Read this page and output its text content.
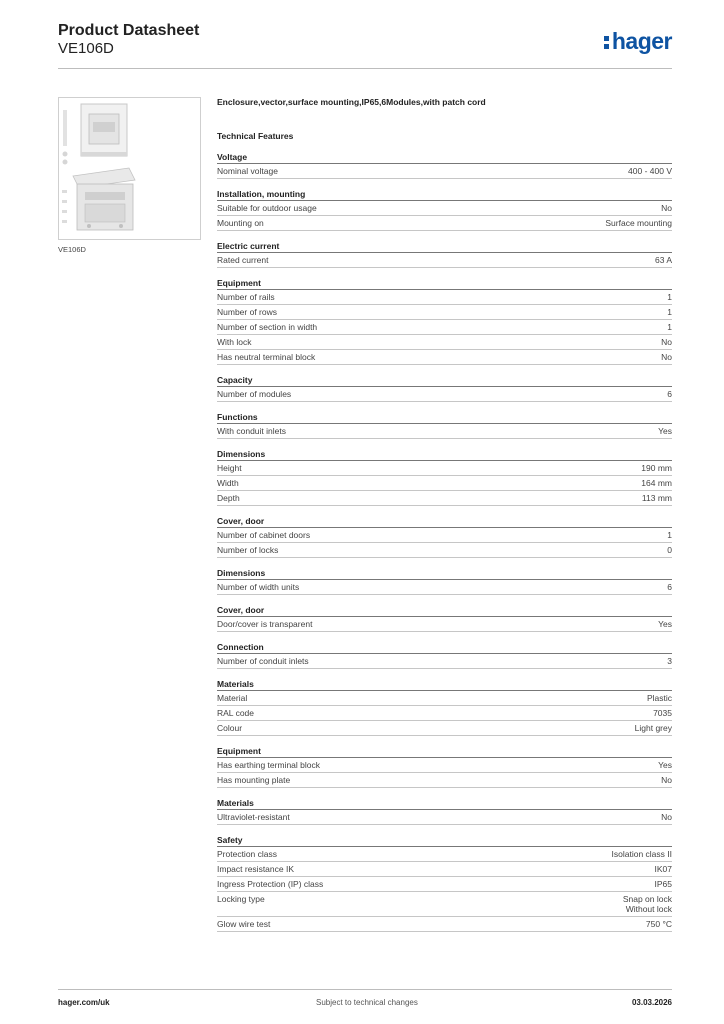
Product Datasheet
VE106D	hager
VE106D
Enclosure,vector,surface mounting,IP65,6Modules,with patch cord
Technical Features
Voltage
Nominal voltage	400 - 400 V
Installation, mounting
Suitable for outdoor usage	No
Mounting on	Surface mounting
Electric current
Rated current	63 A
Equipment
Number of rails	1
Number of rows	1
Number of section in width	1
With lock	No
Has neutral terminal block	No
Capacity
Number of modules	6
Functions
With conduit inlets	Yes
Dimensions
Height	190 mm
Width	164 mm
Depth	113 mm
Cover, door
Number of cabinet doors	1
Number of locks	0
Dimensions
Number of width units	6
Cover, door
Door/cover is transparent	Yes
Connection
Number of conduit inlets	3
Materials
Material	Plastic
RAL code	7035
Colour	Light grey
Equipment
Has earthing terminal block	Yes
Has mounting plate	No
Materials
Ultraviolet-resistant	No
Safety
Protection class	Isolation class II
Impact resistance IK	IK07
Ingress Protection (IP) class	IP65
Locking type	Snap on lock
Without lock
Glow wire test	750 °C
hager.com/uk	Subject to technical changes	03.03.2026
